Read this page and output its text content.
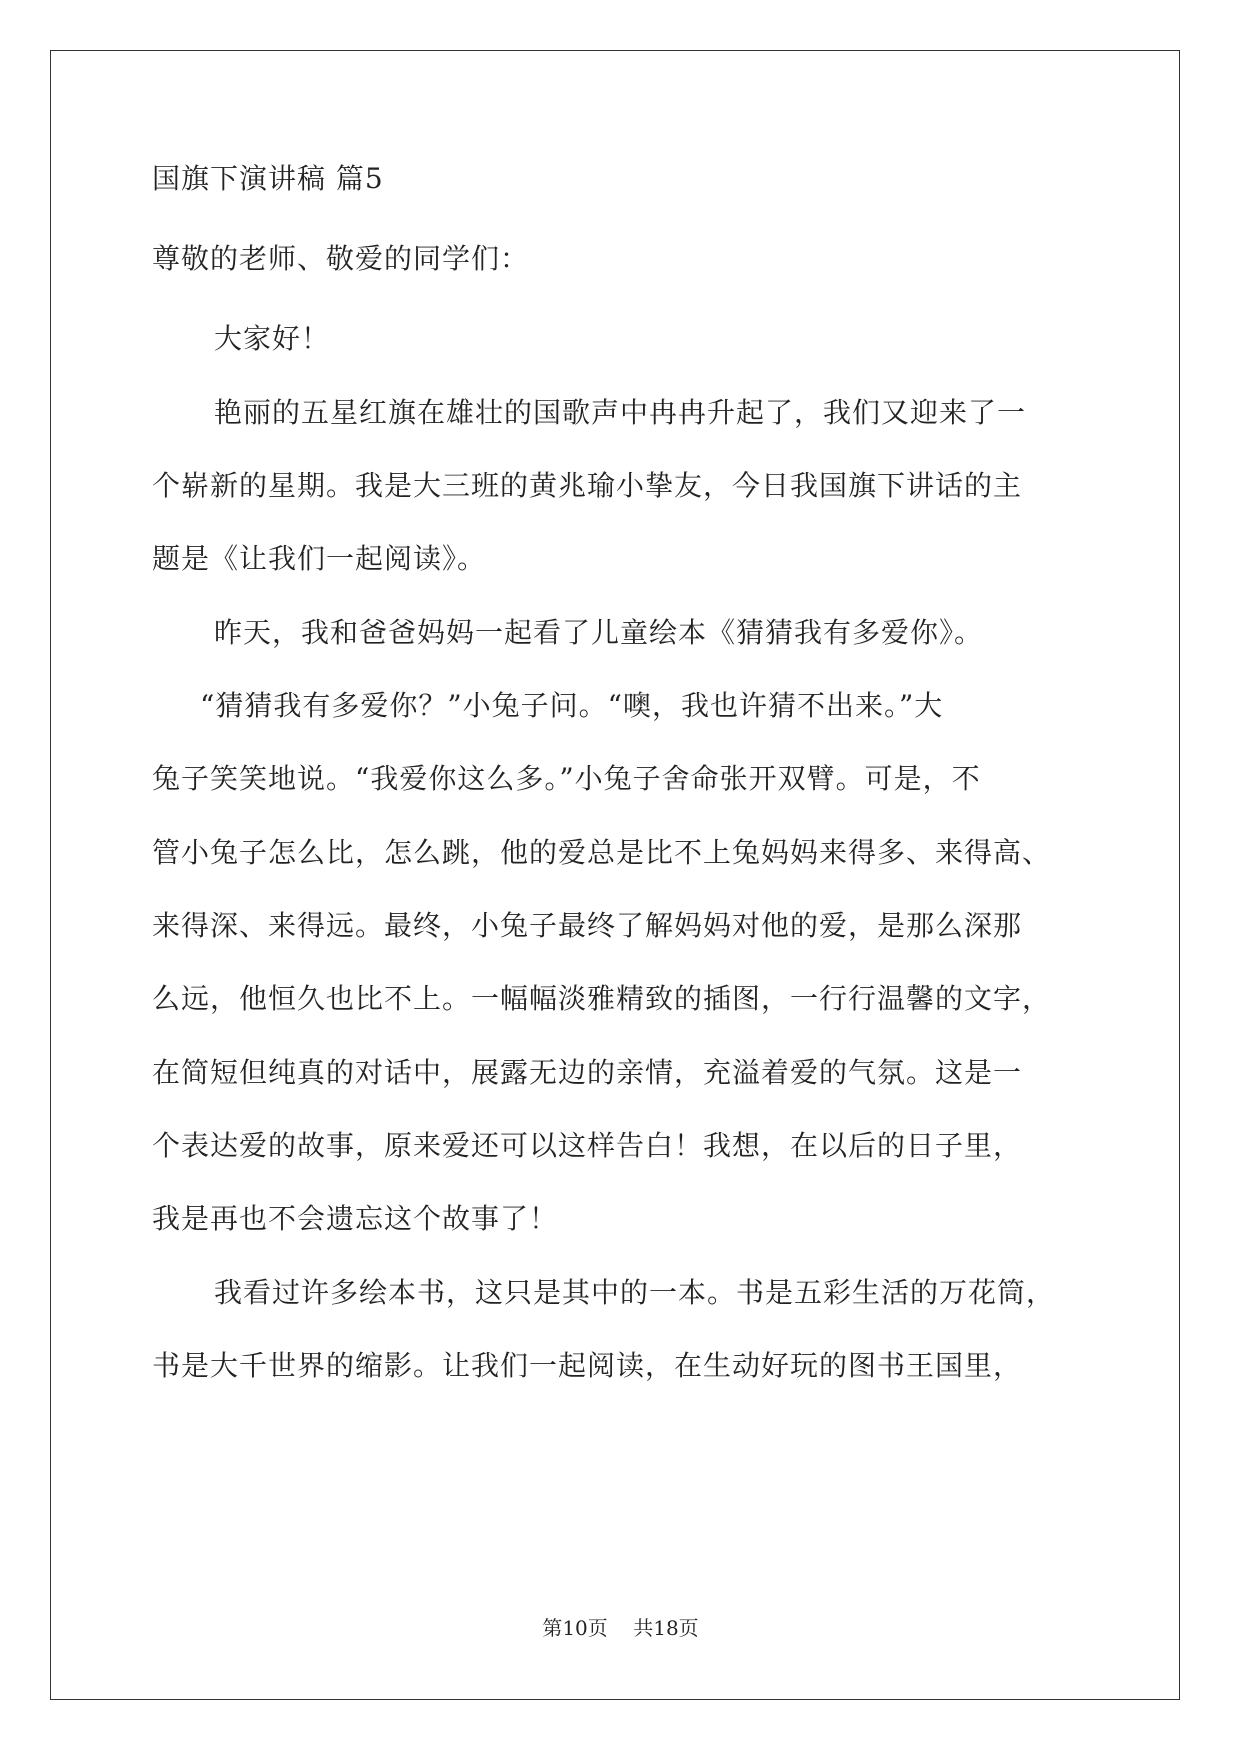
国旗下演讲稿 篇5

尊敬的老师、敬爱的同学们：

大家好！

艳丽的五星红旗在雄壮的国歌声中冉冉升起了，我们又迎来了一

个崭新的星期。我是大三班的黄兆瑜小挚友，今日我国旗下讲话的主

题是《让我们一起阅读》。

昨天，我和爸爸妈妈一起看了儿童绘本《猜猜我有多爱你》。

“猜猜我有多爱你？”小兔子问。“噢，我也许猜不出来。”大

兔子笑笑地说。“我爱你这么多。”小兔子舍命张开双臂。可是，不

管小兔子怎么比，怎么跳，他的爱总是比不上兔妈妈来得多、来得高、

来得深、来得远。最终，小兔子最终了解妈妈对他的爱，是那么深那

么远，他恒久也比不上。一幅幅淡雅精致的插图，一行行温馨的文字，

在简短但纯真的对话中，展露无边的亲情，充溢着爱的气氛。这是一

个表达爱的故事，原来爱还可以这样告白！我想，在以后的日子里，

我是再也不会遗忘这个故事了！

我看过许多绘本书，这只是其中的一本。书是五彩生活的万花筒，

书是大千世界的缩影。让我们一起阅读，在生动好玩的图书王国里，

第10页 共18页
